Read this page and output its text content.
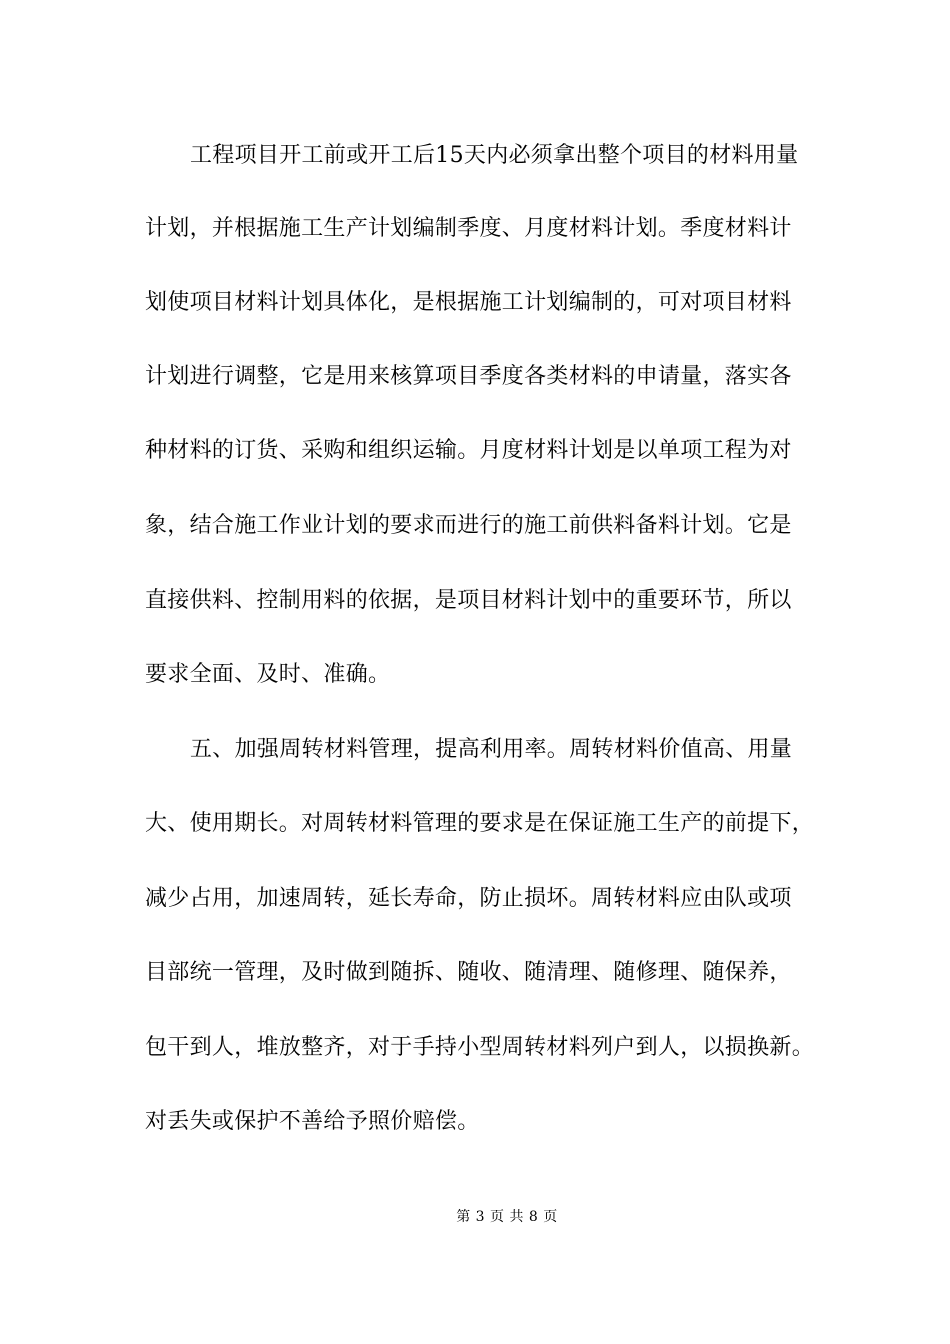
工程项目开工前或开工后15天内必须拿出整个项目的材料用量
计划，并根据施工生产计划编制季度、月度材料计划。季度材料计
划使项目材料计划具体化，是根据施工计划编制的，可对项目材料
计划进行调整，它是用来核算项目季度各类材料的申请量，落实各
种材料的订货、采购和组织运输。月度材料计划是以单项工程为对
象，结合施工作业计划的要求而进行的施工前供料备料计划。它是
直接供料、控制用料的依据，是项目材料计划中的重要环节，所以
要求全面、及时、准确。
五、加强周转材料管理，提高利用率。周转材料价值高、用量
大、使用期长。对周转材料管理的要求是在保证施工生产的前提下，
减少占用，加速周转，延长寿命，防止损坏。周转材料应由队或项
目部统一管理，及时做到随拆、随收、随清理、随修理、随保养，
包干到人，堆放整齐，对于手持小型周转材料列户到人，以损换新。
对丢失或保护不善给予照价赔偿。
第 3 页 共 8 页
